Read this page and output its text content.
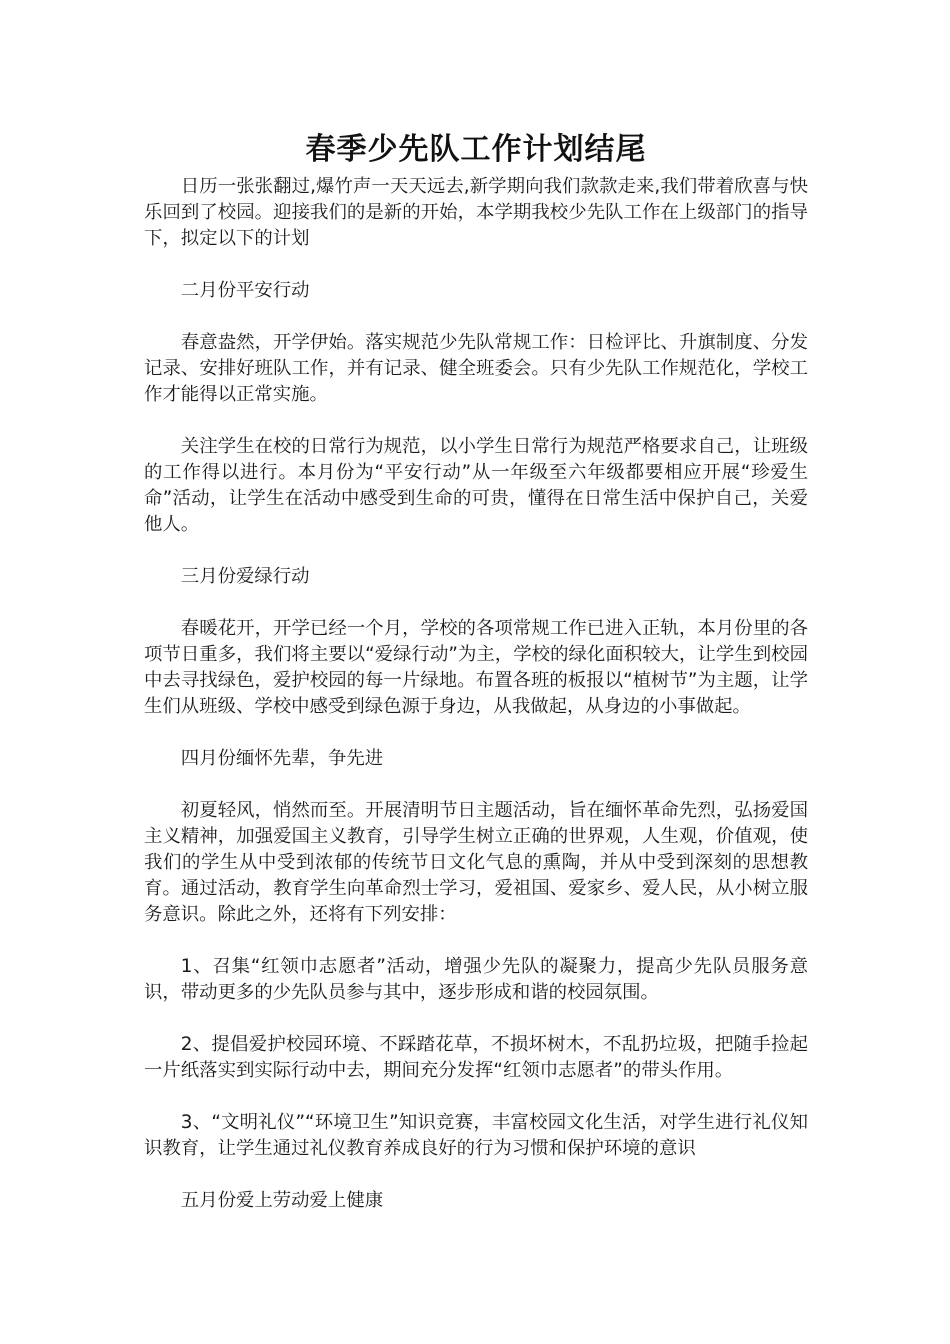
春季少先队工作计划结尾

日历一张张翻过,爆竹声一天天远去,新学期向我们款款走来,我们带着欣喜与快乐回到了校园。迎接我们的是新的开始，本学期我校少先队工作在上级部门的指导下，拟定以下的计划

二月份平安行动

春意盎然，开学伊始。落实规范少先队常规工作：日检评比、升旗制度、分发记录、安排好班队工作，并有记录、健全班委会。只有少先队工作规范化，学校工作才能得以正常实施。

关注学生在校的日常行为规范，以小学生日常行为规范严格要求自己，让班级的工作得以进行。本月份为“平安行动”从一年级至六年级都要相应开展“珍爱生命”活动，让学生在活动中感受到生命的可贵，懂得在日常生活中保护自己，关爱他人。

三月份爱绿行动

春暖花开，开学已经一个月，学校的各项常规工作已进入正轨，本月份里的各项节日重多，我们将主要以“爱绿行动”为主，学校的绿化面积较大，让学生到校园中去寻找绿色，爱护校园的每一片绿地。布置各班的板报以“植树节”为主题，让学生们从班级、学校中感受到绿色源于身边，从我做起，从身边的小事做起。

四月份缅怀先辈，争先进

初夏轻风，悄然而至。开展清明节日主题活动，旨在缅怀革命先烈，弘扬爱国主义精神，加强爱国主义教育，引导学生树立正确的世界观，人生观，价值观，使我们的学生从中受到浓郁的传统节日文化气息的熏陶，并从中受到深刻的思想教育。通过活动，教育学生向革命烈士学习，爱祖国、爱家乡、爱人民，从小树立服务意识。除此之外，还将有下列安排：

1、召集“红领巾志愿者”活动，增强少先队的凝聚力，提高少先队员服务意识，带动更多的少先队员参与其中，逐步形成和谐的校园氛围。

2、提倡爱护校园环境、不踩踏花草，不损坏树木，不乱扔垃圾，把随手捡起一片纸落实到实际行动中去，期间充分发挥“红领巾志愿者”的带头作用。

3、“文明礼仪”“环境卫生”知识竞赛，丰富校园文化生活，对学生进行礼仪知识教育，让学生通过礼仪教育养成良好的行为习惯和保护环境的意识

五月份爱上劳动爱上健康
